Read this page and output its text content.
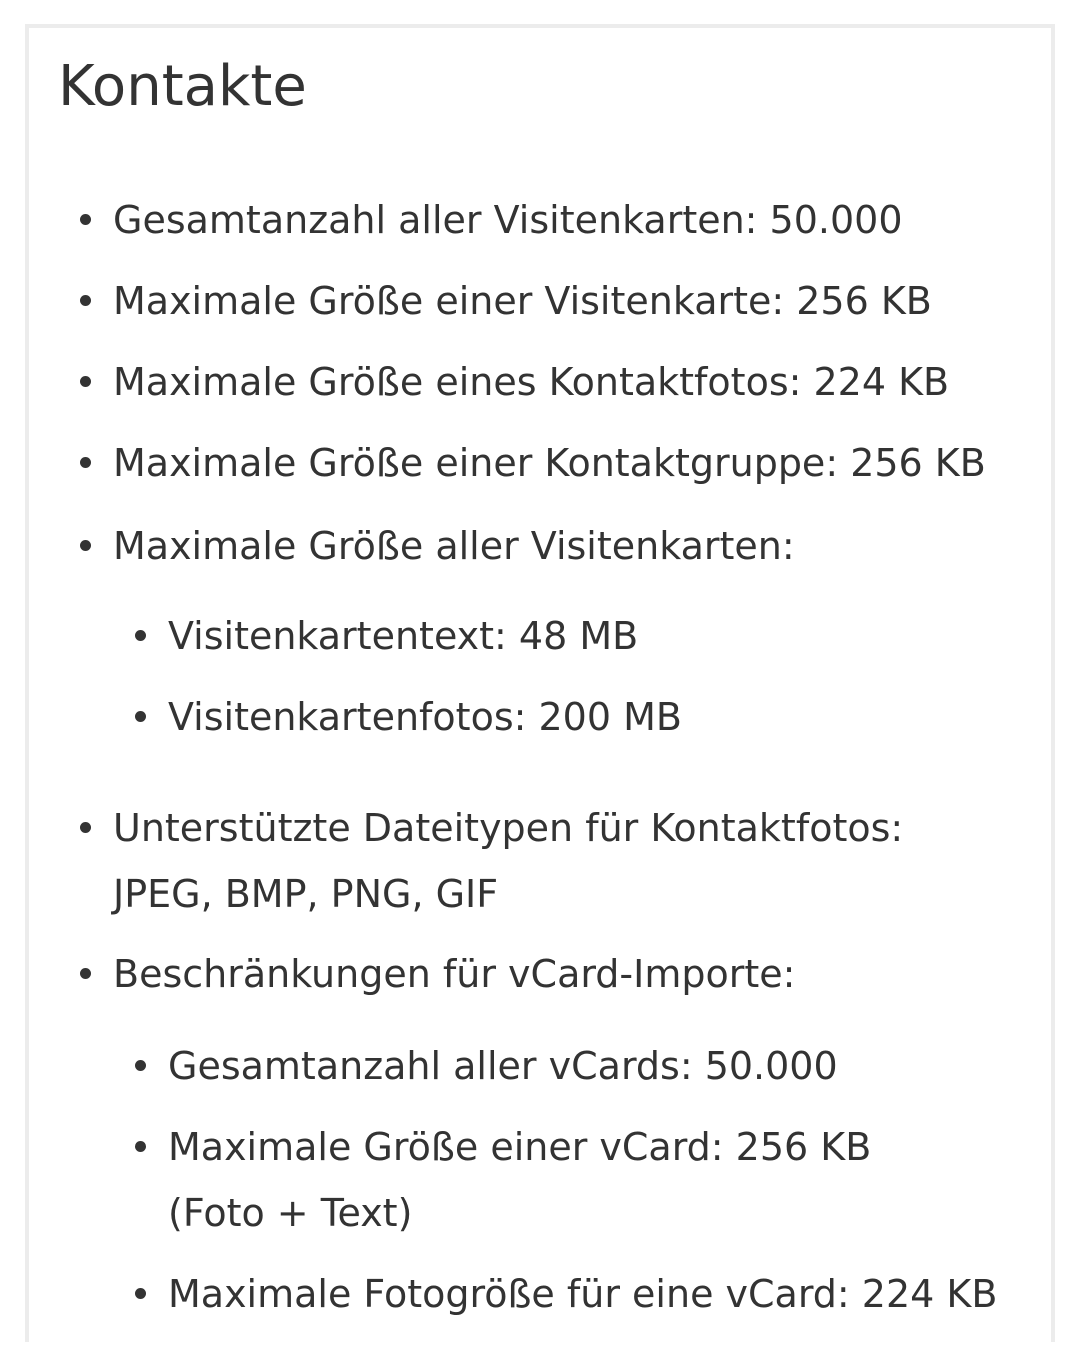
Kontakte
Gesamtanzahl aller Visitenkarten: 50.000
Maximale Größe einer Visitenkarte: 256 KB
Maximale Größe eines Kontaktfotos: 224 KB
Maximale Größe einer Kontaktgruppe: 256 KB
Maximale Größe aller Visitenkarten:
Visitenkartentext: 48 MB
Visitenkartenfotos: 200 MB
Unterstützte Dateitypen für Kontaktfotos: JPEG, BMP, PNG, GIF
Beschränkungen für vCard-Importe:
Gesamtanzahl aller vCards: 50.000
Maximale Größe einer vCard: 256 KB (Foto + Text)
Maximale Fotogröße für eine vCard: 224 KB
